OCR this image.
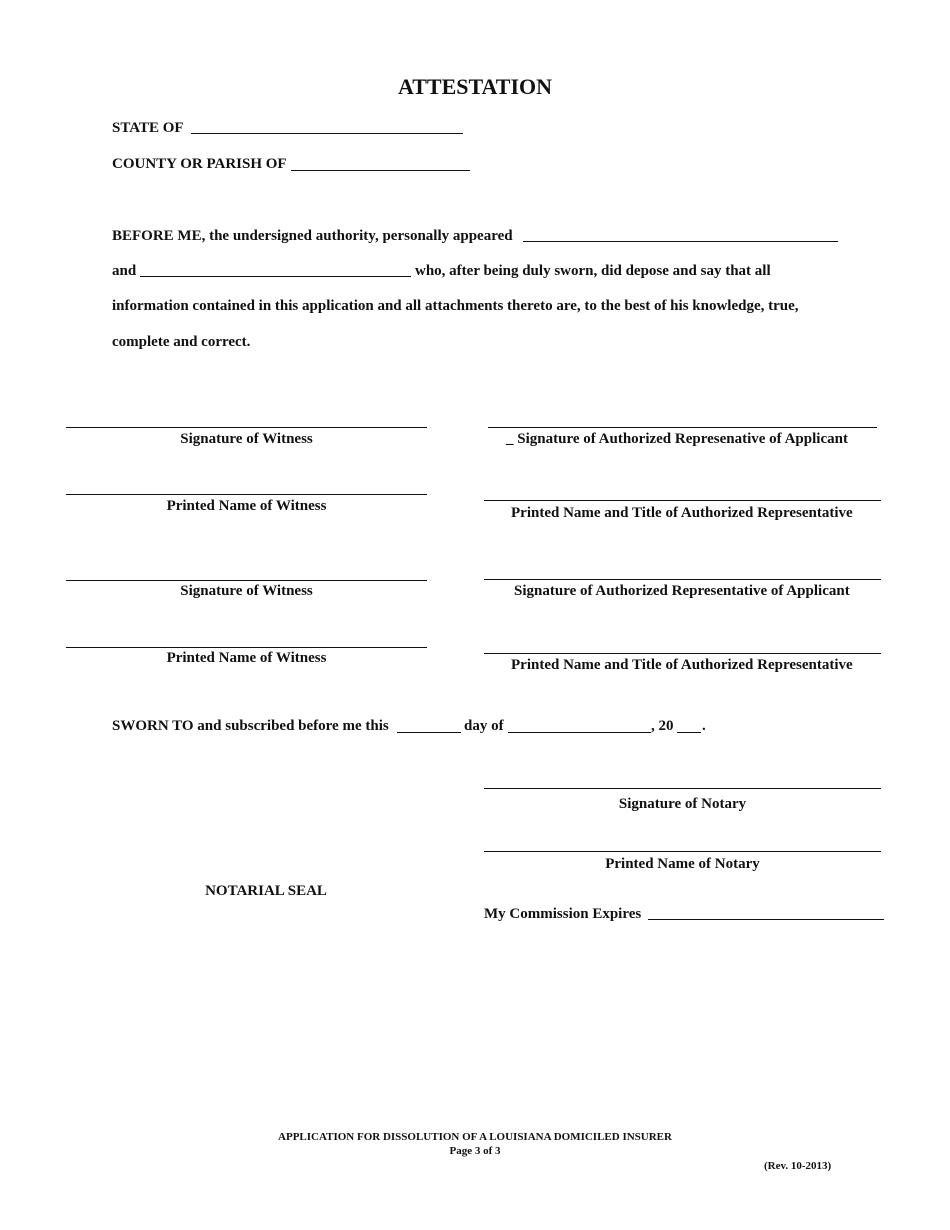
ATTESTATION
STATE OF
COUNTY OR PARISH OF
BEFORE ME, the undersigned authority, personally appeared
and	who, after being duly sworn, did depose and say that all
information contained in this application and all attachments thereto are, to the best of his knowledge, true,
complete and correct.
Signature of Witness	_ Signature of Authorized Represenative of Applicant
Printed Name of Witness	Printed Name and Title of Authorized Representative
Signature of Witness	Signature of Authorized Representative of Applicant
Printed Name of Witness	Printed Name and Title of Authorized Representative
SWORN TO and subscribed before me this	day of	, 20 .
Signature of Notary
Printed Name of Notary
NOTARIAL SEAL
My Commission Expires
APPLICATION FOR DISSOLUTION OF A LOUISIANA DOMICILED INSURER
Page 3 of 3
(Rev. 10-2013)
